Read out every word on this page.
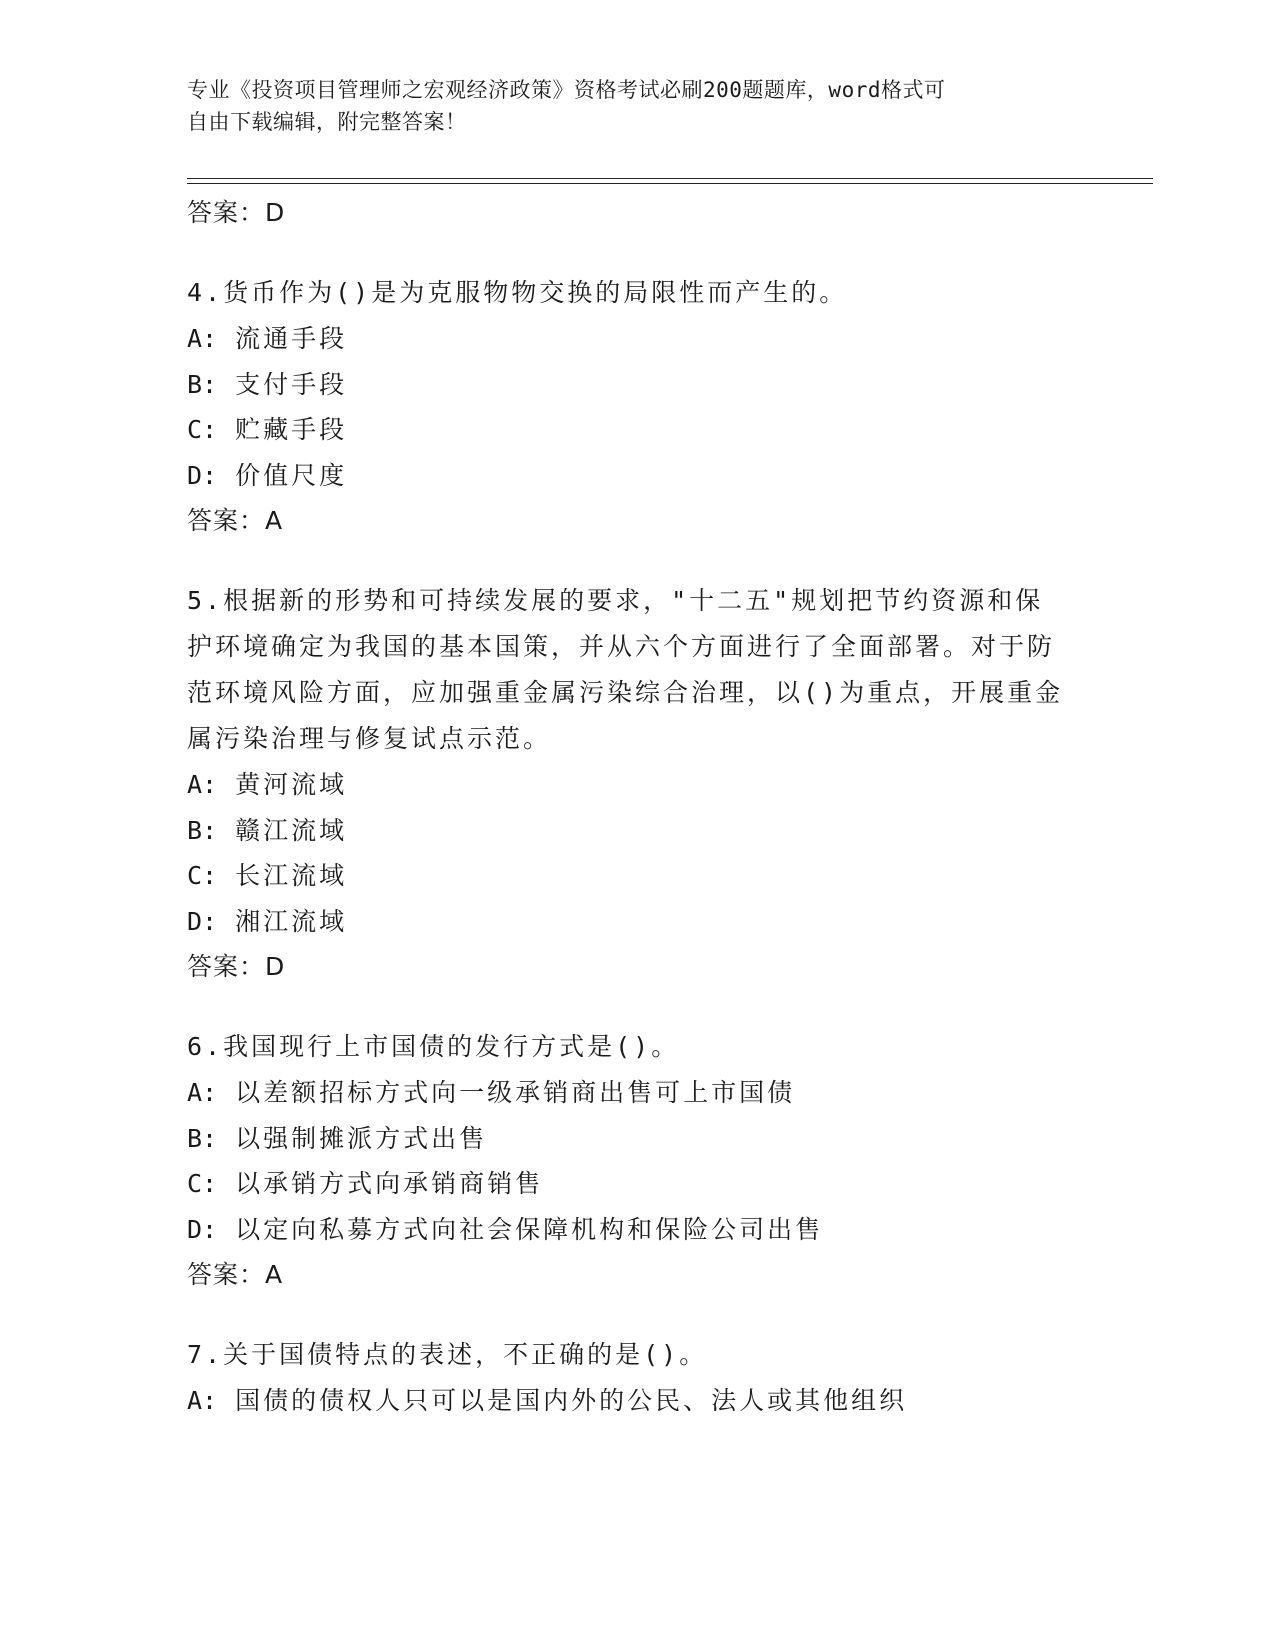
专业《投资项目管理师之宏观经济政策》资格考试必刷200题题库，word格式可
自由下载编辑，附完整答案！
答案：D
4.货币作为()是为克服物物交换的局限性而产生的。
A: 流通手段
B: 支付手段
C: 贮藏手段
D: 价值尺度
答案：A
5.根据新的形势和可持续发展的要求，"十二五"规划把节约资源和保护环境确定为我国的基本国策，并从六个方面进行了全面部署。对于防范环境风险方面，应加强重金属污染综合治理，以()为重点，开展重金属污染治理与修复试点示范。
A: 黄河流域
B: 赣江流域
C: 长江流域
D: 湘江流域
答案：D
6.我国现行上市国债的发行方式是()。
A: 以差额招标方式向一级承销商出售可上市国债
B: 以强制摊派方式出售
C: 以承销方式向承销商销售
D: 以定向私募方式向社会保障机构和保险公司出售
答案：A
7.关于国债特点的表述，不正确的是()。
A: 国债的债权人只可以是国内外的公民、法人或其他组织
